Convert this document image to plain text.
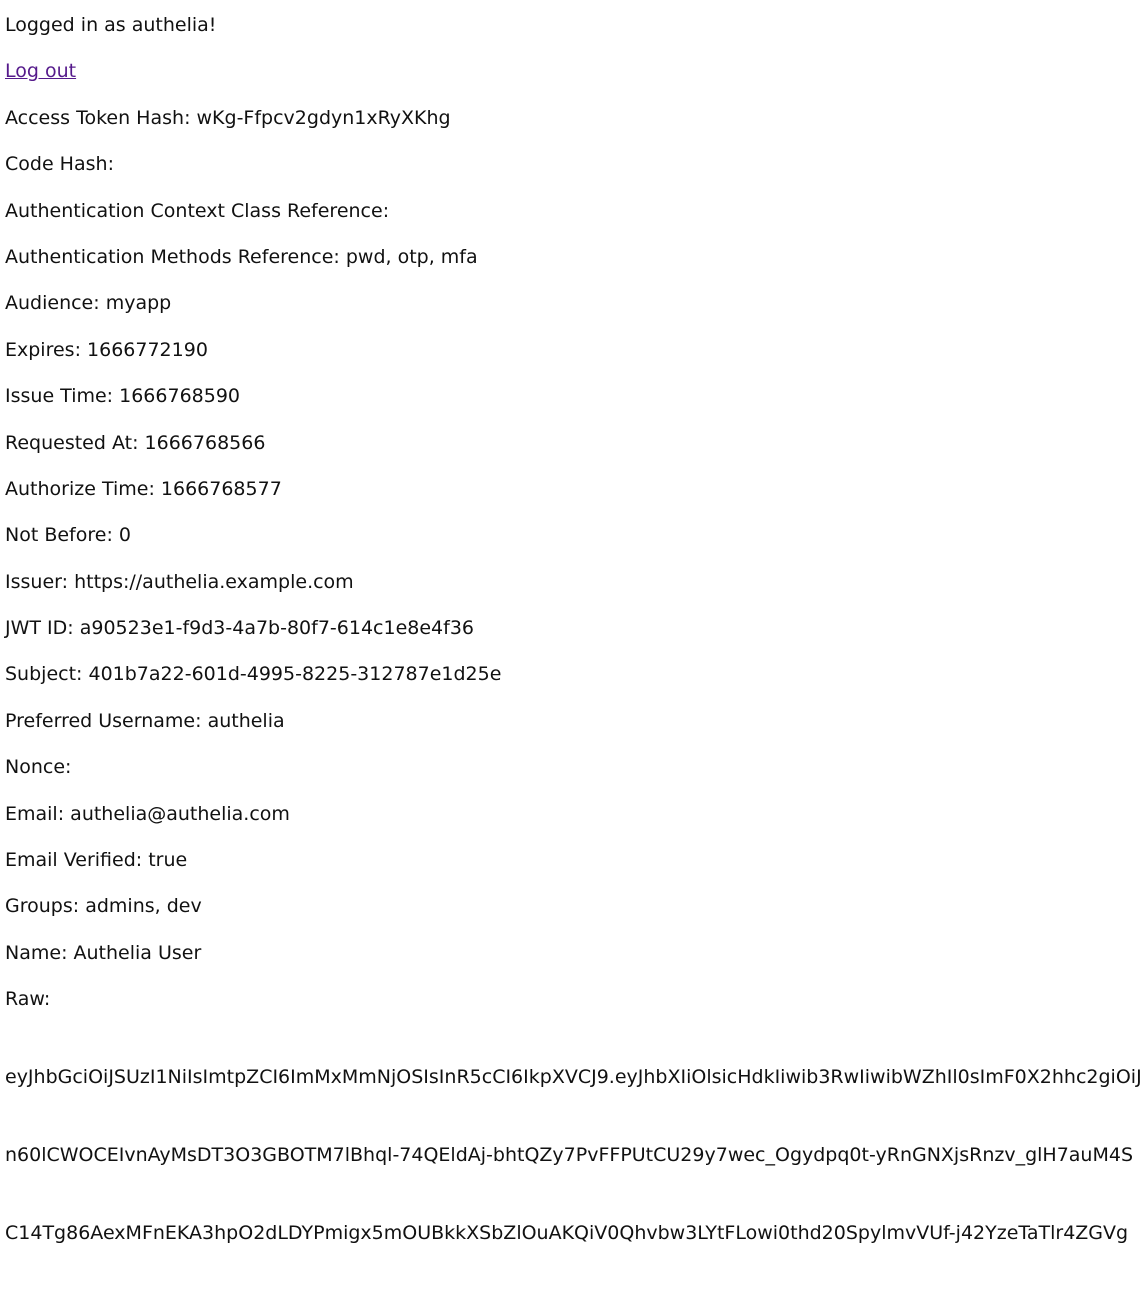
Logged in as authelia!
Log out
Access Token Hash: wKg-Ffpcv2gdyn1xRyXKhg
Code Hash:
Authentication Context Class Reference:
Authentication Methods Reference: pwd, otp, mfa
Audience: myapp
Expires: 1666772190
Issue Time: 1666768590
Requested At: 1666768566
Authorize Time: 1666768577
Not Before: 0
Issuer: https://authelia.example.com
JWT ID: a90523e1-f9d3-4a7b-80f7-614c1e8e4f36
Subject: 401b7a22-601d-4995-8225-312787e1d25e
Preferred Username: authelia
Nonce:
Email: authelia@authelia.com
Email Verified: true
Groups: admins, dev
Name: Authelia User
Raw:

eyJhbGciOiJSUzI1NiIsImtpZCI6ImMxMmNjOSIsInR5cCI6IkpXVCJ9.eyJhbXIiOlsicHdkIiwib3RwIiwibWZhIl0sImF0X2hhc2giOiJ

n60lCWOCEIvnAyMsDT3O3GBOTM7lBhql-74QEldAj-bhtQZy7PvFFPUtCU29y7wec_Ogydpq0t-yRnGNXjsRnzv_glH7auM4S

C14Tg86AexMFnEKA3hpO2dLDYPmigx5mOUBkkXSbZlOuAKQiV0Qhvbw3LYtFLowi0thd20SpylmvVUf-j42YzeTaTlr4ZGVg
